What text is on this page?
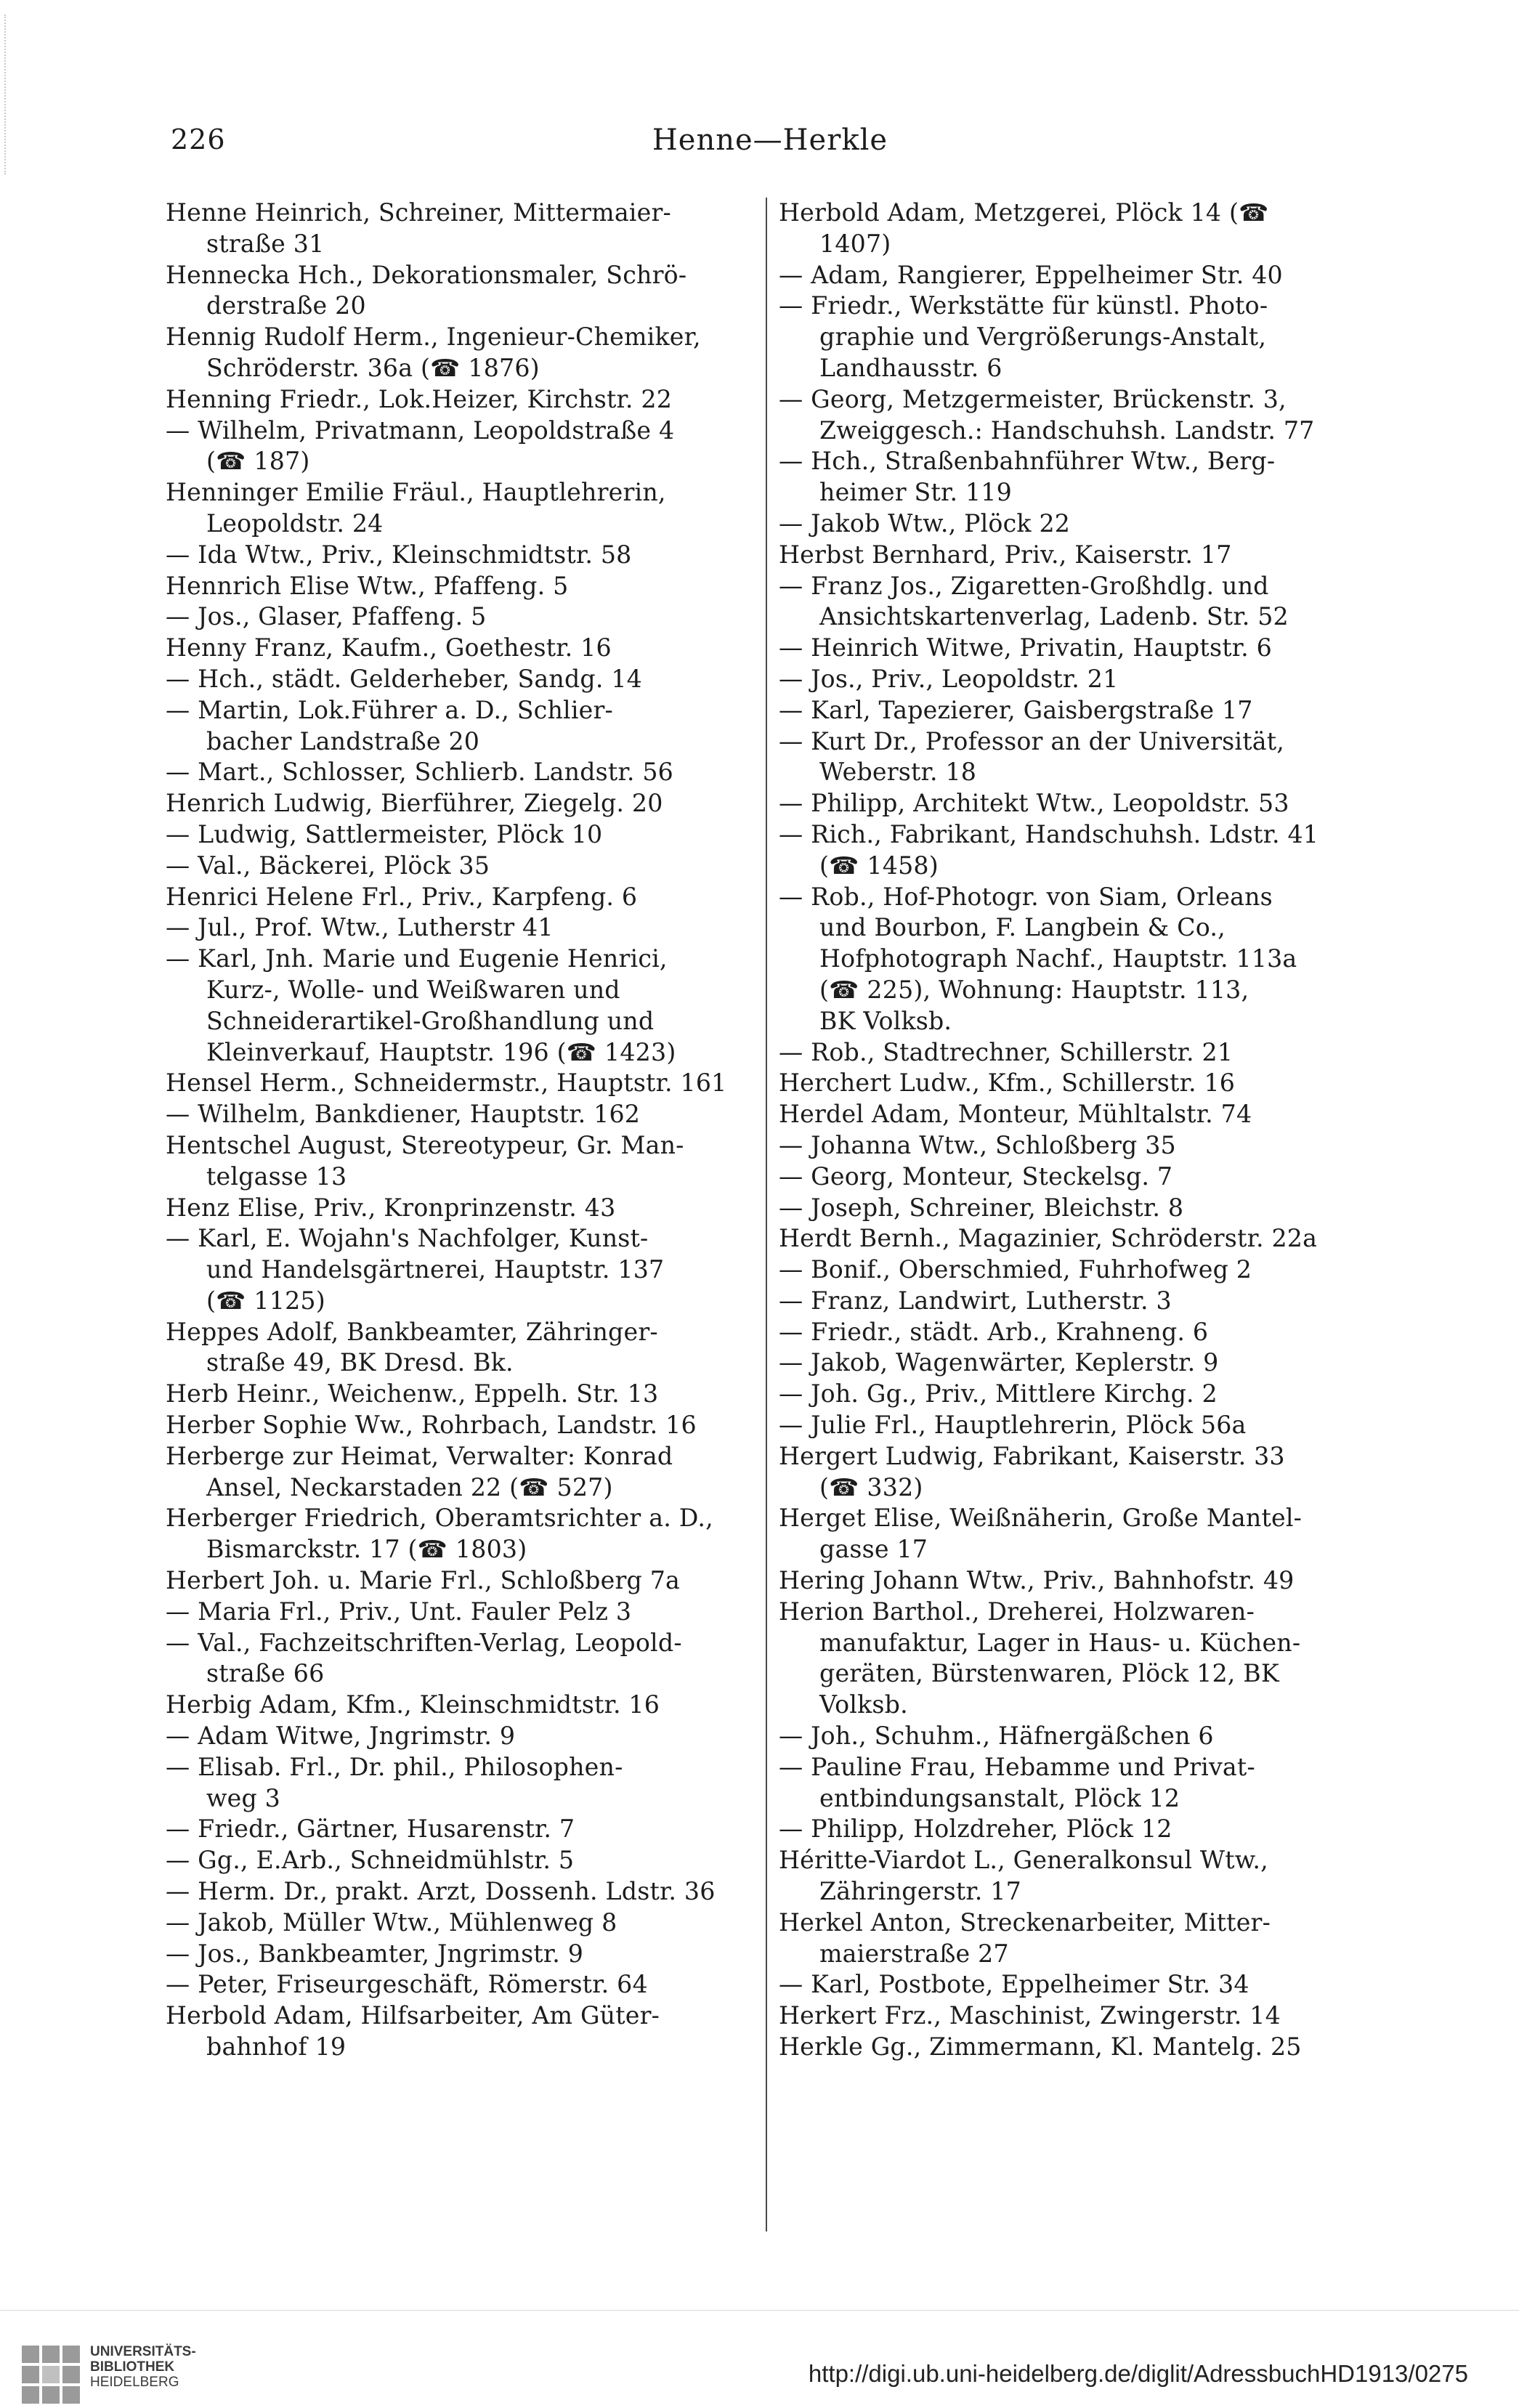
Henne—Herkle
226
Henne Heinrich, Schreiner, Mittermaier-
straße 31
Hennecka Hch., Dekorationsmaler, Schrö-
derstraße 20
Hennig Rudolf Herm., Ingenieur-Chemiker,
Schröderstr. 36a (☎ 1876)
Henning Friedr., Lok.Heizer, Kirchstr. 22
— Wilhelm, Privatmann, Leopoldstraße 4
(☎ 187)
Henninger Emilie Fräul., Hauptlehrerin,
Leopoldstr. 24
— Ida Wtw., Priv., Kleinschmidtstr. 58
Hennrich Elise Wtw., Pfaffeng. 5
— Jos., Glaser, Pfaffeng. 5
Henny Franz, Kaufm., Goethestr. 16
— Hch., städt. Gelderheber, Sandg. 14
— Martin, Lok.Führer a. D., Schlier-
bacher Landstraße 20
— Mart., Schlosser, Schlierb. Landstr. 56
Henrich Ludwig, Bierführer, Ziegelg. 20
— Ludwig, Sattlermeister, Plöck 10
— Val., Bäckerei, Plöck 35
Henrici Helene Frl., Priv., Karpfeng. 6
— Jul., Prof. Wtw., Lutherstr 41
— Karl, Jnh. Marie und Eugenie Henrici,
Kurz-, Wolle- und Weißwaren und
Schneiderartikel-Großhandlung und
Kleinverkauf, Hauptstr. 196 (☎ 1423)
Hensel Herm., Schneidermstr., Hauptstr. 161
— Wilhelm, Bankdiener, Hauptstr. 162
Hentschel August, Stereotypeur, Gr. Man-
telgasse 13
Henz Elise, Priv., Kronprinzenstr. 43
— Karl, E. Wojahn's Nachfolger, Kunst-
und Handelsgärtnerei, Hauptstr. 137
(☎ 1125)
Heppes Adolf, Bankbeamter, Zähringer-
straße 49, BK Dresd. Bk.
Herb Heinr., Weichenw., Eppelh. Str. 13
Herber Sophie Ww., Rohrbach, Landstr. 16
Herberge zur Heimat, Verwalter: Konrad
Ansel, Neckarstaden 22 (☎ 527)
Herberger Friedrich, Oberamtsrichter a. D.,
Bismarckstr. 17 (☎ 1803)
Herbert Joh. u. Marie Frl., Schloßberg 7a
— Maria Frl., Priv., Unt. Fauler Pelz 3
— Val., Fachzeitschriften-Verlag, Leopold-
straße 66
Herbig Adam, Kfm., Kleinschmidtstr. 16
— Adam Witwe, Jngrimstr. 9
— Elisab. Frl., Dr. phil., Philosophen-
weg 3
— Friedr., Gärtner, Husarenstr. 7
— Gg., E.Arb., Schneidmühlstr. 5
— Herm. Dr., prakt. Arzt, Dossenh. Ldstr. 36
— Jakob, Müller Wtw., Mühlenweg 8
— Jos., Bankbeamter, Jngrimstr. 9
— Peter, Friseurgeschäft, Römerstr. 64
Herbold Adam, Hilfsarbeiter, Am Güter-
bahnhof 19
Herbold Adam, Metzgerei, Plöck 14 (☎
1407)
— Adam, Rangierer, Eppelheimer Str. 40
— Friedr., Werkstätte für künstl. Photo-
graphie und Vergrößerungs-Anstalt,
Landhausstr. 6
— Georg, Metzgermeister, Brückenstr. 3,
Zweiggesch.: Handschuhsh. Landstr. 77
— Hch., Straßenbahnführer Wtw., Berg-
heimer Str. 119
— Jakob Wtw., Plöck 22
Herbst Bernhard, Priv., Kaiserstr. 17
— Franz Jos., Zigaretten-Großhdlg. und
Ansichtskartenverlag, Ladenb. Str. 52
— Heinrich Witwe, Privatin, Hauptstr. 6
— Jos., Priv., Leopoldstr. 21
— Karl, Tapezierer, Gaisbergstraße 17
— Kurt Dr., Professor an der Universität,
Weberstr. 18
— Philipp, Architekt Wtw., Leopoldstr. 53
— Rich., Fabrikant, Handschuhsh. Ldstr. 41
(☎ 1458)
— Rob., Hof-Photogr. von Siam, Orleans
und Bourbon, F. Langbein & Co.,
Hofphotograph Nachf., Hauptstr. 113a
(☎ 225), Wohnung: Hauptstr. 113,
BK Volksb.
— Rob., Stadtrechner, Schillerstr. 21
Herchert Ludw., Kfm., Schillerstr. 16
Herdel Adam, Monteur, Mühltalstr. 74
— Johanna Wtw., Schloßberg 35
— Georg, Monteur, Steckelsg. 7
— Joseph, Schreiner, Bleichstr. 8
Herdt Bernh., Magazinier, Schröderstr. 22a
— Bonif., Oberschmied, Fuhrhofweg 2
— Franz, Landwirt, Lutherstr. 3
— Friedr., städt. Arb., Krahneng. 6
— Jakob, Wagenwärter, Keplerstr. 9
— Joh. Gg., Priv., Mittlere Kirchg. 2
— Julie Frl., Hauptlehrerin, Plöck 56a
Hergert Ludwig, Fabrikant, Kaiserstr. 33
(☎ 332)
Herget Elise, Weißnäherin, Große Mantel-
gasse 17
Hering Johann Wtw., Priv., Bahnhofstr. 49
Herion Barthol., Dreherei, Holzwaren-
manufaktur, Lager in Haus- u. Küchen-
geräten, Bürstenwaren, Plöck 12, BK
Volksb.
— Joh., Schuhm., Häfnergäßchen 6
— Pauline Frau, Hebamme und Privat-
entbindungsanstalt, Plöck 12
— Philipp, Holzdreher, Plöck 12
Héritte-Viardot L., Generalkonsul Wtw.,
Zähringerstr. 17
Herkel Anton, Streckenarbeiter, Mitter-
maierstraße 27
— Karl, Postbote, Eppelheimer Str. 34
Herkert Frz., Maschinist, Zwingerstr. 14
Herkle Gg., Zimmermann, Kl. Mantelg. 25
UNIVERSITÄTS-
BIBLIOTHEK
HEIDELBERG	http://digi.ub.uni-heidelberg.de/diglit/AdressbuchHD1913/0275
